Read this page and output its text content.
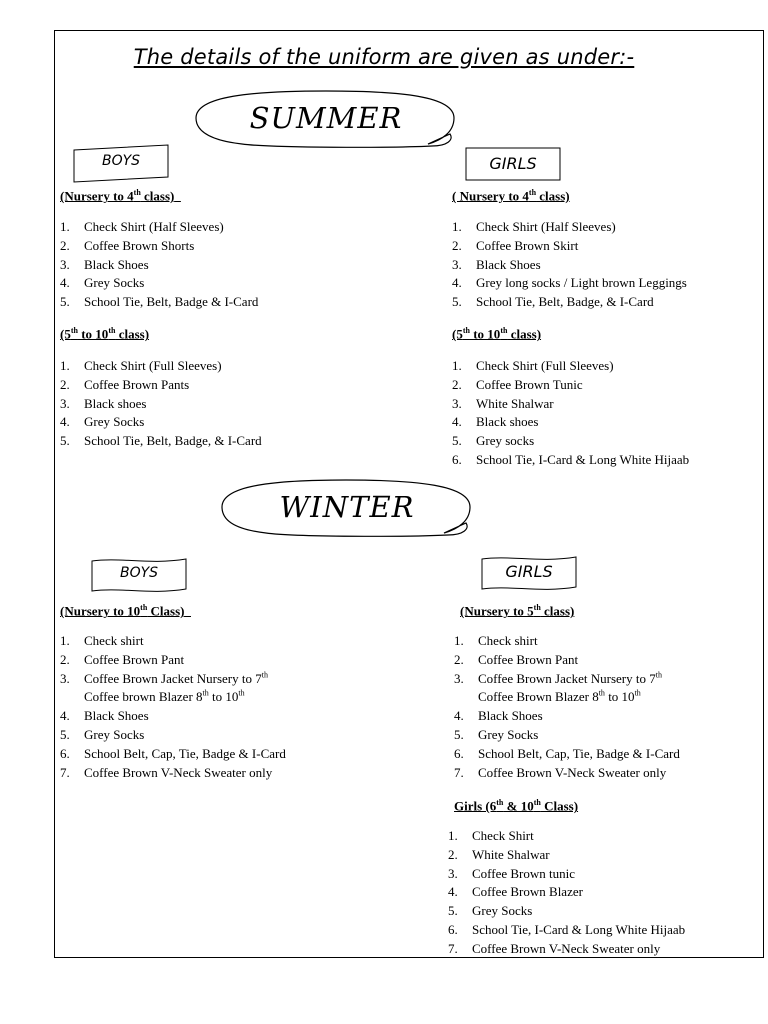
The details of the uniform are given as under:-
SUMMER
BOYS	GIRLS
(Nursery to 4th class)
1. Check Shirt (Half Sleeves)
2. Coffee Brown Shorts
3. Black Shoes
4. Grey Socks
5. School Tie, Belt, Badge & I-Card
(5th to 10th class)
1. Check Shirt (Full Sleeves)
2. Coffee Brown Pants
3. Black shoes
4. Grey Socks
5. School Tie, Belt, Badge, & I-Card
( Nursery to 4th class)
1. Check Shirt (Half Sleeves)
2. Coffee Brown Skirt
3. Black Shoes
4. Grey long socks / Light brown Leggings
5. School Tie, Belt, Badge, & I-Card
(5th to 10th class)
1. Check Shirt (Full Sleeves)
2. Coffee Brown Tunic
3. White Shalwar
4. Black shoes
5. Grey socks
6. School Tie, I-Card & Long White Hijaab
WINTER
BOYS	GIRLS
(Nursery to 10th Class)
1. Check shirt
2. Coffee Brown Pant
3. Coffee Brown Jacket Nursery to 7th
Coffee brown Blazer 8th to 10th
4. Black Shoes
5. Grey Socks
6. School Belt, Cap, Tie, Badge & I-Card
7. Coffee Brown V-Neck Sweater only
(Nursery to 5th class)
1. Check shirt
2. Coffee Brown Pant
3. Coffee Brown Jacket Nursery to 7th
Coffee Brown Blazer 8th to 10th
4. Black Shoes
5. Grey Socks
6. School Belt, Cap, Tie, Badge & I-Card
7. Coffee Brown V-Neck Sweater only
Girls (6th & 10th Class)
1. Check Shirt
2. White Shalwar
3. Coffee Brown tunic
4. Coffee Brown Blazer
5. Grey Socks
6. School Tie, I-Card & Long White Hijaab
7. Coffee Brown V-Neck Sweater only
